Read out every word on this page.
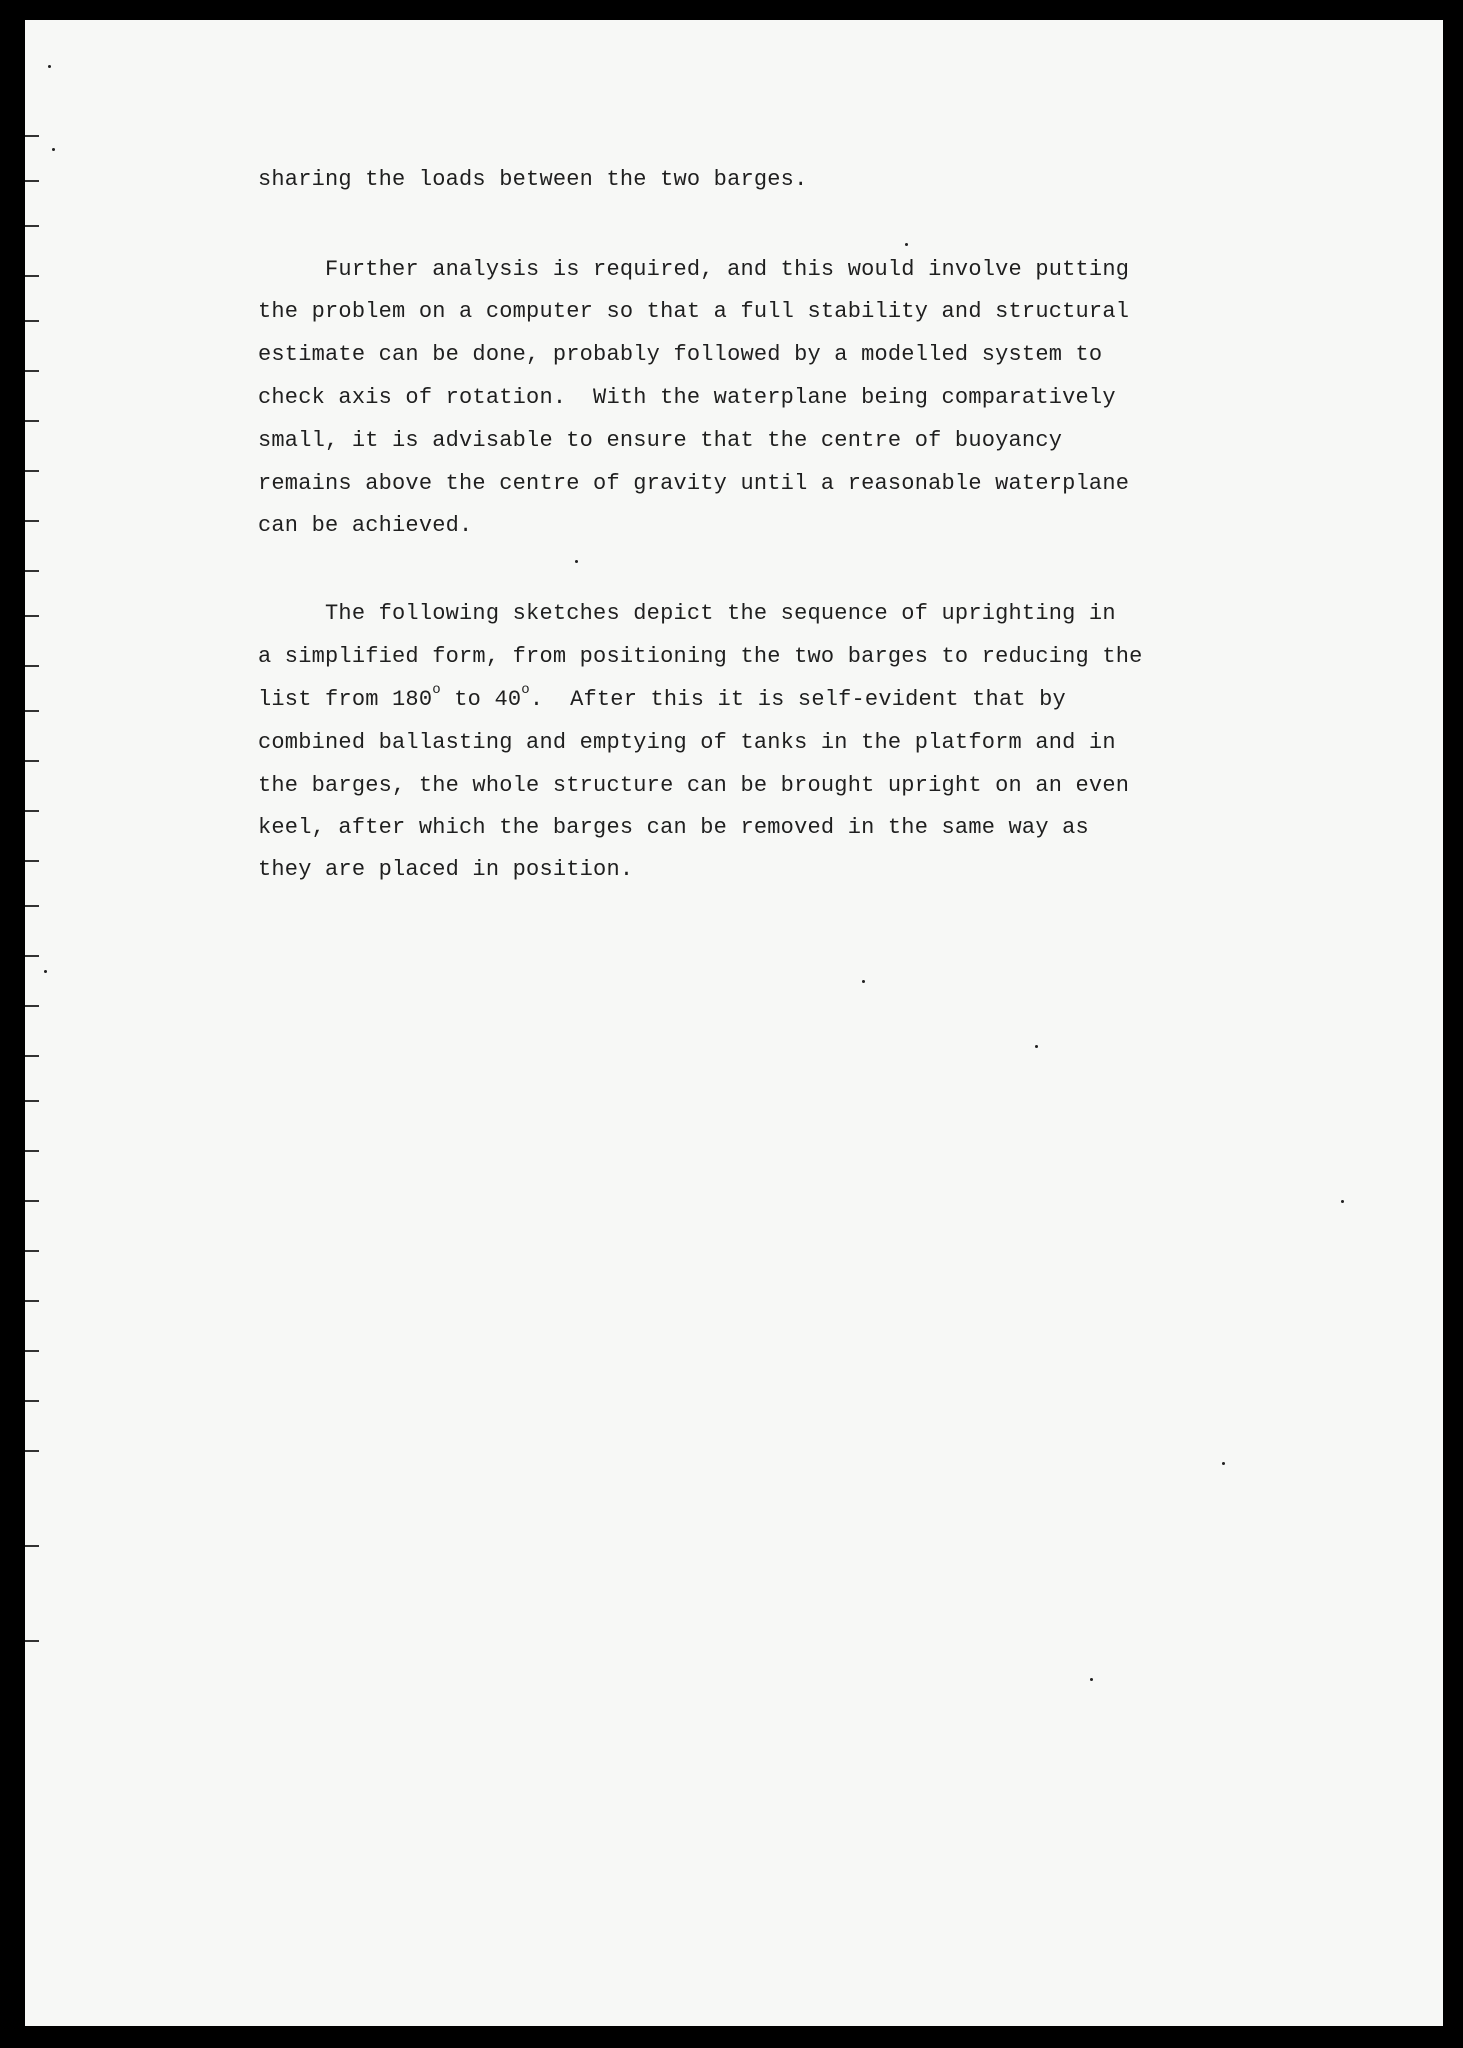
sharing the loads between the two barges.
Further analysis is required, and this would involve putting
the problem on a computer so that a full stability and structural
estimate can be done, probably followed by a modelled system to
check axis of rotation.  With the waterplane being comparatively
small, it is advisable to ensure that the centre of buoyancy
remains above the centre of gravity until a reasonable waterplane
can be achieved.
The following sketches depict the sequence of uprighting in
a simplified form, from positioning the two barges to reducing the
list from 180$^o$ to 40$^o$.  After this it is self-evident that by
combined ballasting and emptying of tanks in the platform and in
the barges, the whole structure can be brought upright on an even
keel, after which the barges can be removed in the same way as
they are placed in position.
